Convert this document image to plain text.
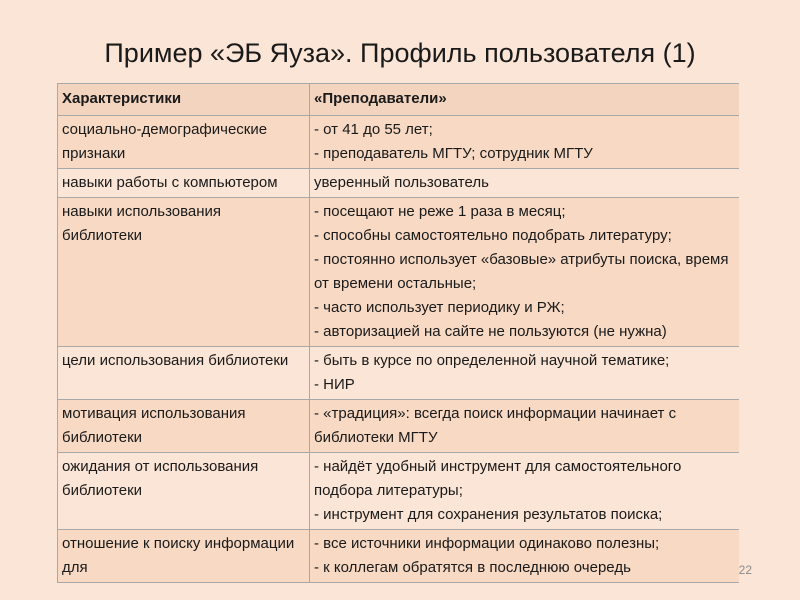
Пример «ЭБ Яуза». Профиль пользователя (1)
Характеристики	«Преподаватели»
социально-демографические признаки	- от 41 до 55 лет;
- преподаватель МГТУ; сотрудник МГТУ

навыки работы с компьютером	уверенный пользователь

навыки использования библиотеки	- посещают не реже 1 раза в месяц;
- способны самостоятельно подобрать литературу;
- постоянно использует «базовые» атрибуты поиска, время от времени остальные;
- часто использует периодику и РЖ;
- авторизацией на сайте не пользуются (не нужна)

цели использования библиотеки	- быть в курсе по определенной научной тематике;
- НИР

мотивация использования библиотеки	- «традиция»: всегда поиск информации начинает с библиотеки МГТУ

ожидания от использования библиотеки	- найдёт удобный инструмент для самостоятельного подбора литературы;
- инструмент для сохранения результатов поиска;

отношение к поиску информации для	- все источники информации одинаково полезны;
- к коллегам обратятся в последнюю очередь	22
